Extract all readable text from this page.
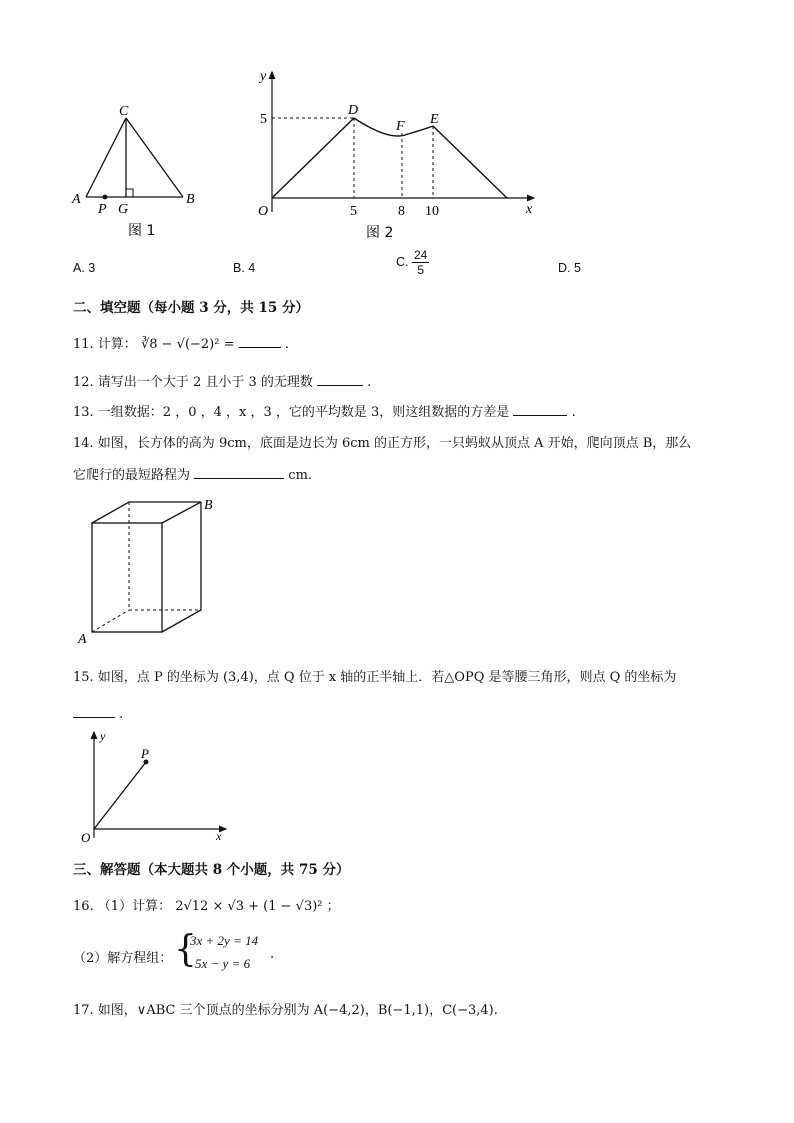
C
A	B
P G
图 1
y
x
O
5
5	8 10
D
F E
图 2
A. 3	B. 4	C. $\frac{24}{5}$	D. 5
二、填空题（每小题 3 分，共 15 分）
11. 计算： ∛8 − √(−2)² =	.
12. 请写出一个大于 2 且小于 3 的无理数	.
13. 一组数据：2 ，0 ，4 ，x ，3 ，它的平均数是 3，则这组数据的方差是	.
14. 如图，长方体的高为 9cm，底面是边长为 6cm 的正方形，一只蚂蚁从顶点 A 开始，爬向顶点 B，那么
它爬行的最短路程为	cm.
B
A
15. 如图，点 P 的坐标为 (3,4)，点 Q 位于 x 轴的正半轴上．若△OPQ 是等腰三角形，则点 Q 的坐标为
.
y
x
O
P
三、解答题（本大题共 8 个小题，共 75 分）
16. （1）计算： 2√12 × √3 + (1 − √3)² ；
（2）解方程组： {
3x + 2y = 14
5x − y = 6
.
17. 如图，∨ABC 三个顶点的坐标分别为 A(−4,2)，B(−1,1)，C(−3,4).
